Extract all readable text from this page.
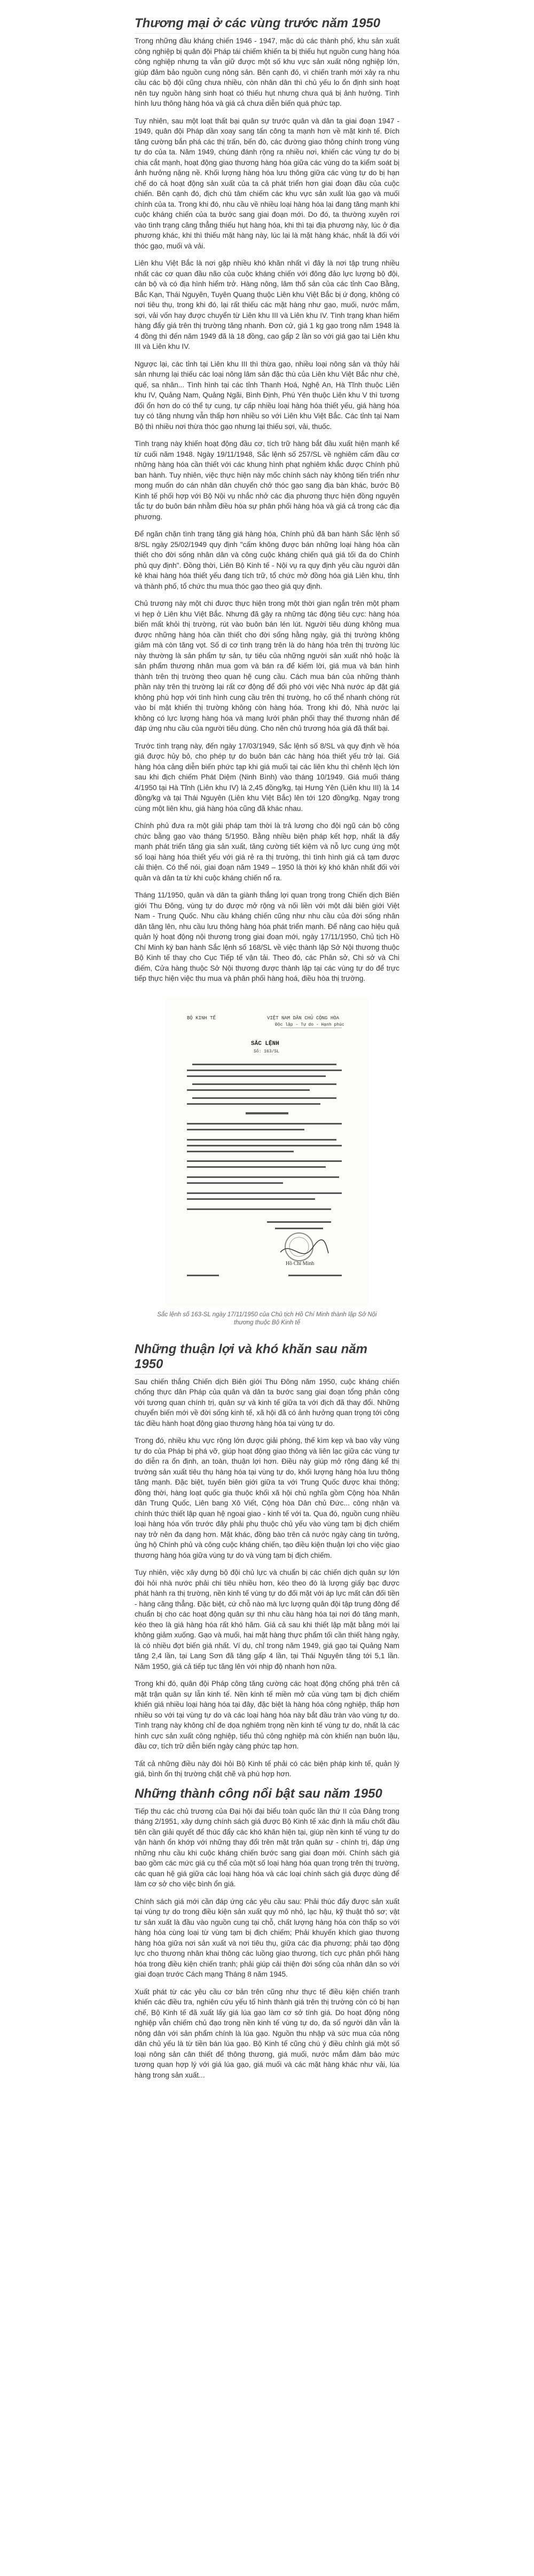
Thương mại ở các vùng trước năm 1950

Trong những đầu kháng chiến 1946 - 1947, mặc dù các thành phố, khu sản xuất công nghiệp bị quân đội Pháp tái chiếm khiến ta bị thiếu hụt nguồn cung hàng hóa công nghiệp nhưng ta vẫn giữ được một số khu vực sản xuất nông nghiệp lớn, giúp đảm bảo nguồn cung nông sản. Bên cạnh đó, vì chiến tranh mới xảy ra nhu cầu các bộ đội cũng chưa nhiều, còn nhân dân thì chủ yếu lo ổn định sinh hoạt nên tuy nguồn hàng sinh hoạt có thiếu hụt nhưng chưa quá bị ảnh hưởng. Tình hình lưu thông hàng hóa và giá cả chưa diễn biến quá phức tạp.

Tuy nhiên, sau một loạt thất bại quân sự trước quân và dân ta giai đoạn 1947 - 1949, quân đội Pháp dần xoay sang tấn công ta mạnh hơn về mặt kinh tế. Đích tăng cường bắn phá các thị trấn, bến đò, các đường giao thông chính trong vùng tự do của ta. Năm 1949, chúng đánh rộng ra nhiều nơi, khiến các vùng tự do bị chia cắt mạnh, hoạt động giao thương hàng hóa giữa các vùng do ta kiểm soát bị ảnh hưởng nặng nề. Khối lượng hàng hóa lưu thông giữa các vùng tự do bị hạn chế do cả hoạt động sản xuất của ta cả phát triển hơn giai đoạn đầu của cuộc chiến. Bên cạnh đó, địch chú tâm chiếm các khu vực sản xuất lúa gạo và muối chính của ta. Trong khi đó, nhu cầu về nhiều loại hàng hóa lại đang tăng mạnh khi cuộc kháng chiến của ta bước sang giai đoạn mới. Do đó, ta thường xuyên rơi vào tình trạng căng thẳng thiếu hụt hàng hóa, khi thì tại địa phương này, lúc ở địa phương khác, khi thì thiếu mặt hàng này, lúc lại là mặt hàng khác, nhất là đối với thóc gạo, muối và vải.

Liên khu Việt Bắc là nơi gặp nhiều khó khăn nhất vì đây là nơi tập trung nhiều nhất các cơ quan đầu não của cuộc kháng chiến với đông đảo lực lượng bộ đội, cán bộ và có địa hình hiểm trở. Hàng nông, lâm thổ sản của các tỉnh Cao Bằng, Bắc Kạn, Thái Nguyên, Tuyên Quang thuộc Liên khu Việt Bắc bị ứ đọng, không có nơi tiêu thụ, trong khi đó, lại rất thiếu các mặt hàng như gạo, muối, nước mắm, sợi, vải vốn hay được chuyển từ Liên khu III và Liên khu IV. Tình trạng khan hiếm hàng đẩy giá trên thị trường tăng nhanh. Đơn cử, giá 1 kg gạo trong năm 1948 là 4 đồng thì đến năm 1949 đã là 18 đồng, cao gấp 2 lần so với giá gạo tại Liên khu III và Liên khu IV.

Ngược lại, các tỉnh tại Liên khu III thì thừa gạo, nhiều loại nông sản và thủy hải sản nhưng lại thiếu các loại nông lâm sản đặc thù của Liên khu Việt Bắc như chè, quế, sa nhân... Tình hình tại các tỉnh Thanh Hoá, Nghệ An, Hà Tĩnh thuộc Liên khu IV, Quảng Nam, Quảng Ngãi, Bình Định, Phú Yên thuộc Liên khu V thì tương đối ổn hơn do có thể tự cung, tự cấp nhiều loại hàng hóa thiết yếu, giá hàng hóa tuy có tăng nhưng vẫn thấp hơn nhiều so với Liên khu Việt Bắc. Các tỉnh tại Nam Bộ thì nhiều nơi thừa thóc gạo nhưng lại thiếu sợi, vải, thuốc.

Tình trạng này khiến hoạt động đầu cơ, tích trữ hàng bắt đầu xuất hiện mạnh kể từ cuối năm 1948. Ngày 19/11/1948, Sắc lệnh số 257/SL về nghiêm cấm đầu cơ những hàng hóa cần thiết với các khung hình phạt nghiêm khắc được Chính phủ ban hành. Tuy nhiên, việc thực hiện này mốc chính sách này không tiến triển như mong muốn do cán nhân dân chuyển chở thóc gạo sang địa bàn khác, bước Bộ Kinh tế phối hợp với Bộ Nội vụ nhắc nhở các địa phương thực hiện đồng nguyên tắc tự do buôn bán nhằm điều hòa sự phân phối hàng hóa và giá cả trong các địa phương.

Để ngăn chặn tình trạng tăng giá hàng hóa, Chính phủ đã ban hành Sắc lệnh số 8/SL ngày 25/02/1949 quy định "cấm không được bán những loại hàng hóa cần thiết cho đời sống nhân dân và công cuộc kháng chiến quá giá tối đa do Chính phủ quy định". Đồng thời, Liên Bộ Kinh tế - Nội vụ ra quy định yêu cầu người dân kê khai hàng hóa thiết yếu đang tích trữ, tổ chức mở đồng hóa giá Liên khu, tỉnh và thành phố, tổ chức thu mua thóc gạo theo giá quy định.

Chủ trương này một chi được thực hiện trong một thời gian ngắn trên một phạm vi hẹp ở Liên khu Việt Bắc. Nhưng đã gây ra những tác động tiêu cực: hàng hóa biến mất khỏi thị trường, rút vào buôn bán lén lút. Người tiêu dùng không mua được những hàng hóa cần thiết cho đời sống hằng ngày, giá thị trường không giảm mà còn tăng vọt. Số di cơ tình trạng trên là do hàng hóa trên thị trường lúc này thường là sản phẩm tự sản, tự tiêu của những người sản xuất nhỏ hoặc là sản phẩm thương nhân mua gom và bán ra để kiếm lời, giá mua và bán hình thành trên thị trường theo quan hệ cung cầu. Cách mua bán của những thành phần này trên thị trường lại rất cơ động để đối phó với việc Nhà nước áp đặt giá không phù hợp với tình hình cung cầu trên thị trường, họ cố thể nhanh chóng rút vào bí mật khiến thị trường không còn hàng hóa. Trong khi đó, Nhà nước lại không có lực lượng hàng hóa và mạng lưới phân phối thay thế thương nhân để đáp ứng nhu cầu của người tiêu dùng. Cho nên chủ trương hóa giá đã thất bại.

Trước tình trạng này, đến ngày 17/03/1949, Sắc lệnh số 8/SL và quy định về hóa giá được hủy bỏ, cho phép tự do buôn bán các hàng hóa thiết yếu trở lại. Giá hàng hóa cảng diễn biến phức tạp khi giá muối tại các liên khu thì chênh lệch lớn sau khi địch chiếm Phát Diệm (Ninh Bình) vào tháng 10/1949. Giá muối tháng 4/1950 tại Hà Tĩnh (Liên khu IV) là 2,45 đồng/kg, tại Hưng Yên (Liên khu III) là 14 đồng/kg và tại Thái Nguyên (Liên khu Việt Bắc) lên tới 120 đồng/kg. Ngay trong cùng một liên khu, giá hàng hóa cũng đã khác nhau.

Chính phủ đưa ra một giải pháp tạm thời là trả lương cho đội ngũ cán bộ công chức bằng gạo vào tháng 5/1950. Bằng nhiều biện pháp kết hợp, nhất là đẩy mạnh phát triển tăng gia sản xuất, tăng cường tiết kiệm và nỗ lực cung ứng một số loại hàng hóa thiết yếu với giá rẻ ra thị trường, thì tình hình giá cả tạm được cải thiện. Có thể nói, giai đoạn năm 1949 – 1950 là thời kỳ khó khăn nhất đối với quân và dân ta từ khi cuộc kháng chiến nổ ra.

Tháng 11/1950, quân và dân ta giành thắng lợi quan trọng trong Chiến dịch Biên giới Thu Đông, vùng tự do được mở rộng và nối liền với một dải biên giới Việt Nam - Trung Quốc. Nhu cầu kháng chiến cũng như nhu cầu của đời sống nhân dân tăng lên, nhu cầu lưu thông hàng hóa phát triển mạnh. Để nâng cao hiệu quả quản lý hoạt động nội thương trong giai đoạn mới, ngày 17/11/1950, Chủ tịch Hồ Chí Minh ký ban hành Sắc lệnh số 168/SL về việc thành lập Sở Nội thương thuộc Bộ Kinh tế thay cho Cục Tiếp tế vận tải. Theo đó, các Phân sở, Chi sở và Chi điếm, Cửa hàng thuộc Sở Nội thương được thành lập tại các vùng tự do để trực tiếp thực hiện việc thu mua và phân phối hàng hoá, điều hòa thị trường.

BỘ KINH TẾ	VIỆT NAM DÂN CHỦ CỘNG HÒA
Độc lập - Tự do - Hạnh phúc
SẮC LỆNH
Số: 163/SL
Hồ Chí Minh
Sắc lệnh số 163-SL ngày 17/11/1950 của Chủ tịch Hồ Chí Minh thành lập Sở Nội thương thuộc Bộ Kinh tế
Những thuận lợi và khó khăn sau năm 1950

Sau chiến thắng Chiến dịch Biên giới Thu Đông năm 1950, cuộc kháng chiến chống thực dân Pháp của quân và dân ta bước sang giai đoạn tổng phản công với tương quan chính trị, quân sự và kinh tế giữa ta với địch đã thay đổi. Những chuyển biến mới về đời sống kinh tế, xã hội đã có ảnh hưởng quan trọng tới công tác điều hành hoạt động giao thương hàng hóa tại vùng tự do.

Trong đó, nhiều khu vực rộng lớn được giải phóng, thế kìm kẹp và bao vây vùng tự do của Pháp bị phá vỡ, giúp hoạt động giao thông và liên lạc giữa các vùng tự do diễn ra ổn định, an toàn, thuận lợi hơn. Điều này giúp mở rộng đáng kể thị trường sản xuất tiêu thụ hàng hóa tại vùng tự do, khối lượng hàng hóa lưu thông tăng mạnh. Đặc biệt, tuyến biên giới giữa ta với Trung Quốc được khai thông; đồng thời, hàng loạt quốc gia thuộc khối xã hội chủ nghĩa gồm Cộng hòa Nhân dân Trung Quốc, Liên bang Xô Viết, Cộng hòa Dân chủ Đức... công nhận và chính thức thiết lập quan hệ ngoại giao - kinh tế với ta. Qua đó, nguồn cung nhiều loại hàng hóa vốn trước đây phải phụ thuộc chủ yếu vào vùng tạm bị địch chiếm nay trở nên đa dạng hơn. Mặt khác, đồng bào trên cả nước ngày càng tin tưởng, ủng hộ Chính phủ và công cuộc kháng chiến, tạo điều kiện thuận lợi cho việc giao thương hàng hóa giữa vùng tự do và vùng tạm bị địch chiếm.

Tuy nhiên, việc xây dựng bộ đội chủ lực và chuẩn bị các chiến dịch quân sự lớn đòi hỏi nhà nước phải chi tiêu nhiều hơn, kéo theo đó là lượng giấy bạc được phát hành ra thị trường, nền kinh tế vùng tự do đối mặt với áp lực mất cân đối tiền - hàng căng thẳng. Đặc biệt, cứ chỗ nào mà lực lượng quân đội tập trung đông để chuẩn bị cho các hoạt động quân sự thì nhu cầu hàng hóa tại nơi đó tăng mạnh, kéo theo là giá hàng hóa rất khó hãm. Giá cả sau khi thiết lập mặt bằng mới lại không giảm xuống. Gạo và muối, hai mặt hàng thực phẩm tối cần thiết hàng ngày, là có nhiều đợt biến giá nhất. Ví dụ, chỉ trong năm 1949, giá gạo tại Quảng Nam tăng 2,4 lần, tại Lang Sơn đã tăng gấp 4 lần, tại Thái Nguyên tăng tới 5,1 lần. Năm 1950, giá cả tiếp tục tăng lên với nhịp độ nhanh hơn nữa.

Trong khi đó, quân đội Pháp công tăng cường các hoạt động chống phá trên cả mặt trận quân sự lẫn kinh tế. Nền kinh tế miền mở của vùng tạm bị địch chiếm khiến giá nhiều loại hàng hóa tại đây, đặc biệt là hàng hóa công nghiệp, thấp hơn nhiều so với tại vùng tự do và các loại hàng hóa này bắt đầu tràn vào vùng tự do. Tình trạng này không chỉ đe dọa nghiêm trọng nền kinh tế vùng tự do, nhất là các hình cực sản xuất công nghiệp, tiểu thủ công nghiệp mà còn khiến nạn buôn lậu, đầu cơ, tích trữ diễn biến ngày càng phức tạp hơn.

Tất cả những điều này đòi hỏi Bộ Kinh tế phải có các biện pháp kinh tế, quản lý giá, bình ổn thị trường chặt chẽ và phù hợp hơn.

Những thành công nổi bật sau năm 1950

Tiếp thu các chủ trương của Đại hội đại biểu toàn quốc lần thứ II của Đảng trong tháng 2/1951, xây dựng chính sách giá được Bộ Kinh tế xác định là mấu chốt đầu tiên cần giải quyết để thúc đẩy các khó khăn hiện tại, giúp nền kinh tế vùng tự do vận hành ổn khớp với những thay đổi trên mặt trận quân sự - chính trị, đáp ứng những nhu cầu khi cuộc kháng chiến bước sang giai đoạn mới. Chính sách giá bao gồm các mức giá cụ thể của một số loại hàng hóa quan trọng trên thị trường, các quan hệ giá giữa các loại hàng hóa và các loại chính sách giá được dùng để làm cơ sở cho việc bình ổn giá.

Chính sách giá mới cần đáp ứng các yêu cầu sau: Phải thúc đẩy được sản xuất tại vùng tự do trong điều kiện sản xuất quy mô nhỏ, lạc hậu, kỹ thuật thô sơ; vật tư sản xuất là đầu vào nguồn cung tại chỗ, chất lượng hàng hóa còn thấp so với hàng hóa cùng loại từ vùng tạm bị địch chiếm; Phải khuyến khích giao thương hàng hóa giữa nơi sản xuất và nơi tiêu thụ, giữa các địa phương; phải tạo động lực cho thương nhân khai thông các luồng giao thương, tích cực phân phối hàng hóa trong điều kiện chiến tranh; phải giúp cải thiện đời sống của nhân dân so với giai đoạn trước Cách mạng Tháng 8 năm 1945.

Xuất phát từ các yêu cầu cơ bản trên cũng như thực tế điều kiện chiến tranh khiến các điều tra, nghiên cứu yếu tố hình thành giá trên thị trường còn có bị hạn chế, Bộ Kinh tế đã xuất lấy giá lúa gạo làm cơ sở tính giá. Do hoạt động nông nghiệp vẫn chiếm chủ đạo trong nền kinh tế vùng tự do, đa số người dân vẫn là nông dân với sản phẩm chính là lúa gạo. Nguồn thu nhập và sức mua của nông dân chủ yếu là từ tiền bán lúa gạo. Bộ Kinh tế cũng chú ý điều chỉnh giá một số loại nông sản cân thiết để thông thương, giá muối, nước mắm đảm bảo mức tương quan hợp lý với giá lúa gạo, giá muối và các mặt hàng khác như vải, lúa hàng trong sản xuất...
